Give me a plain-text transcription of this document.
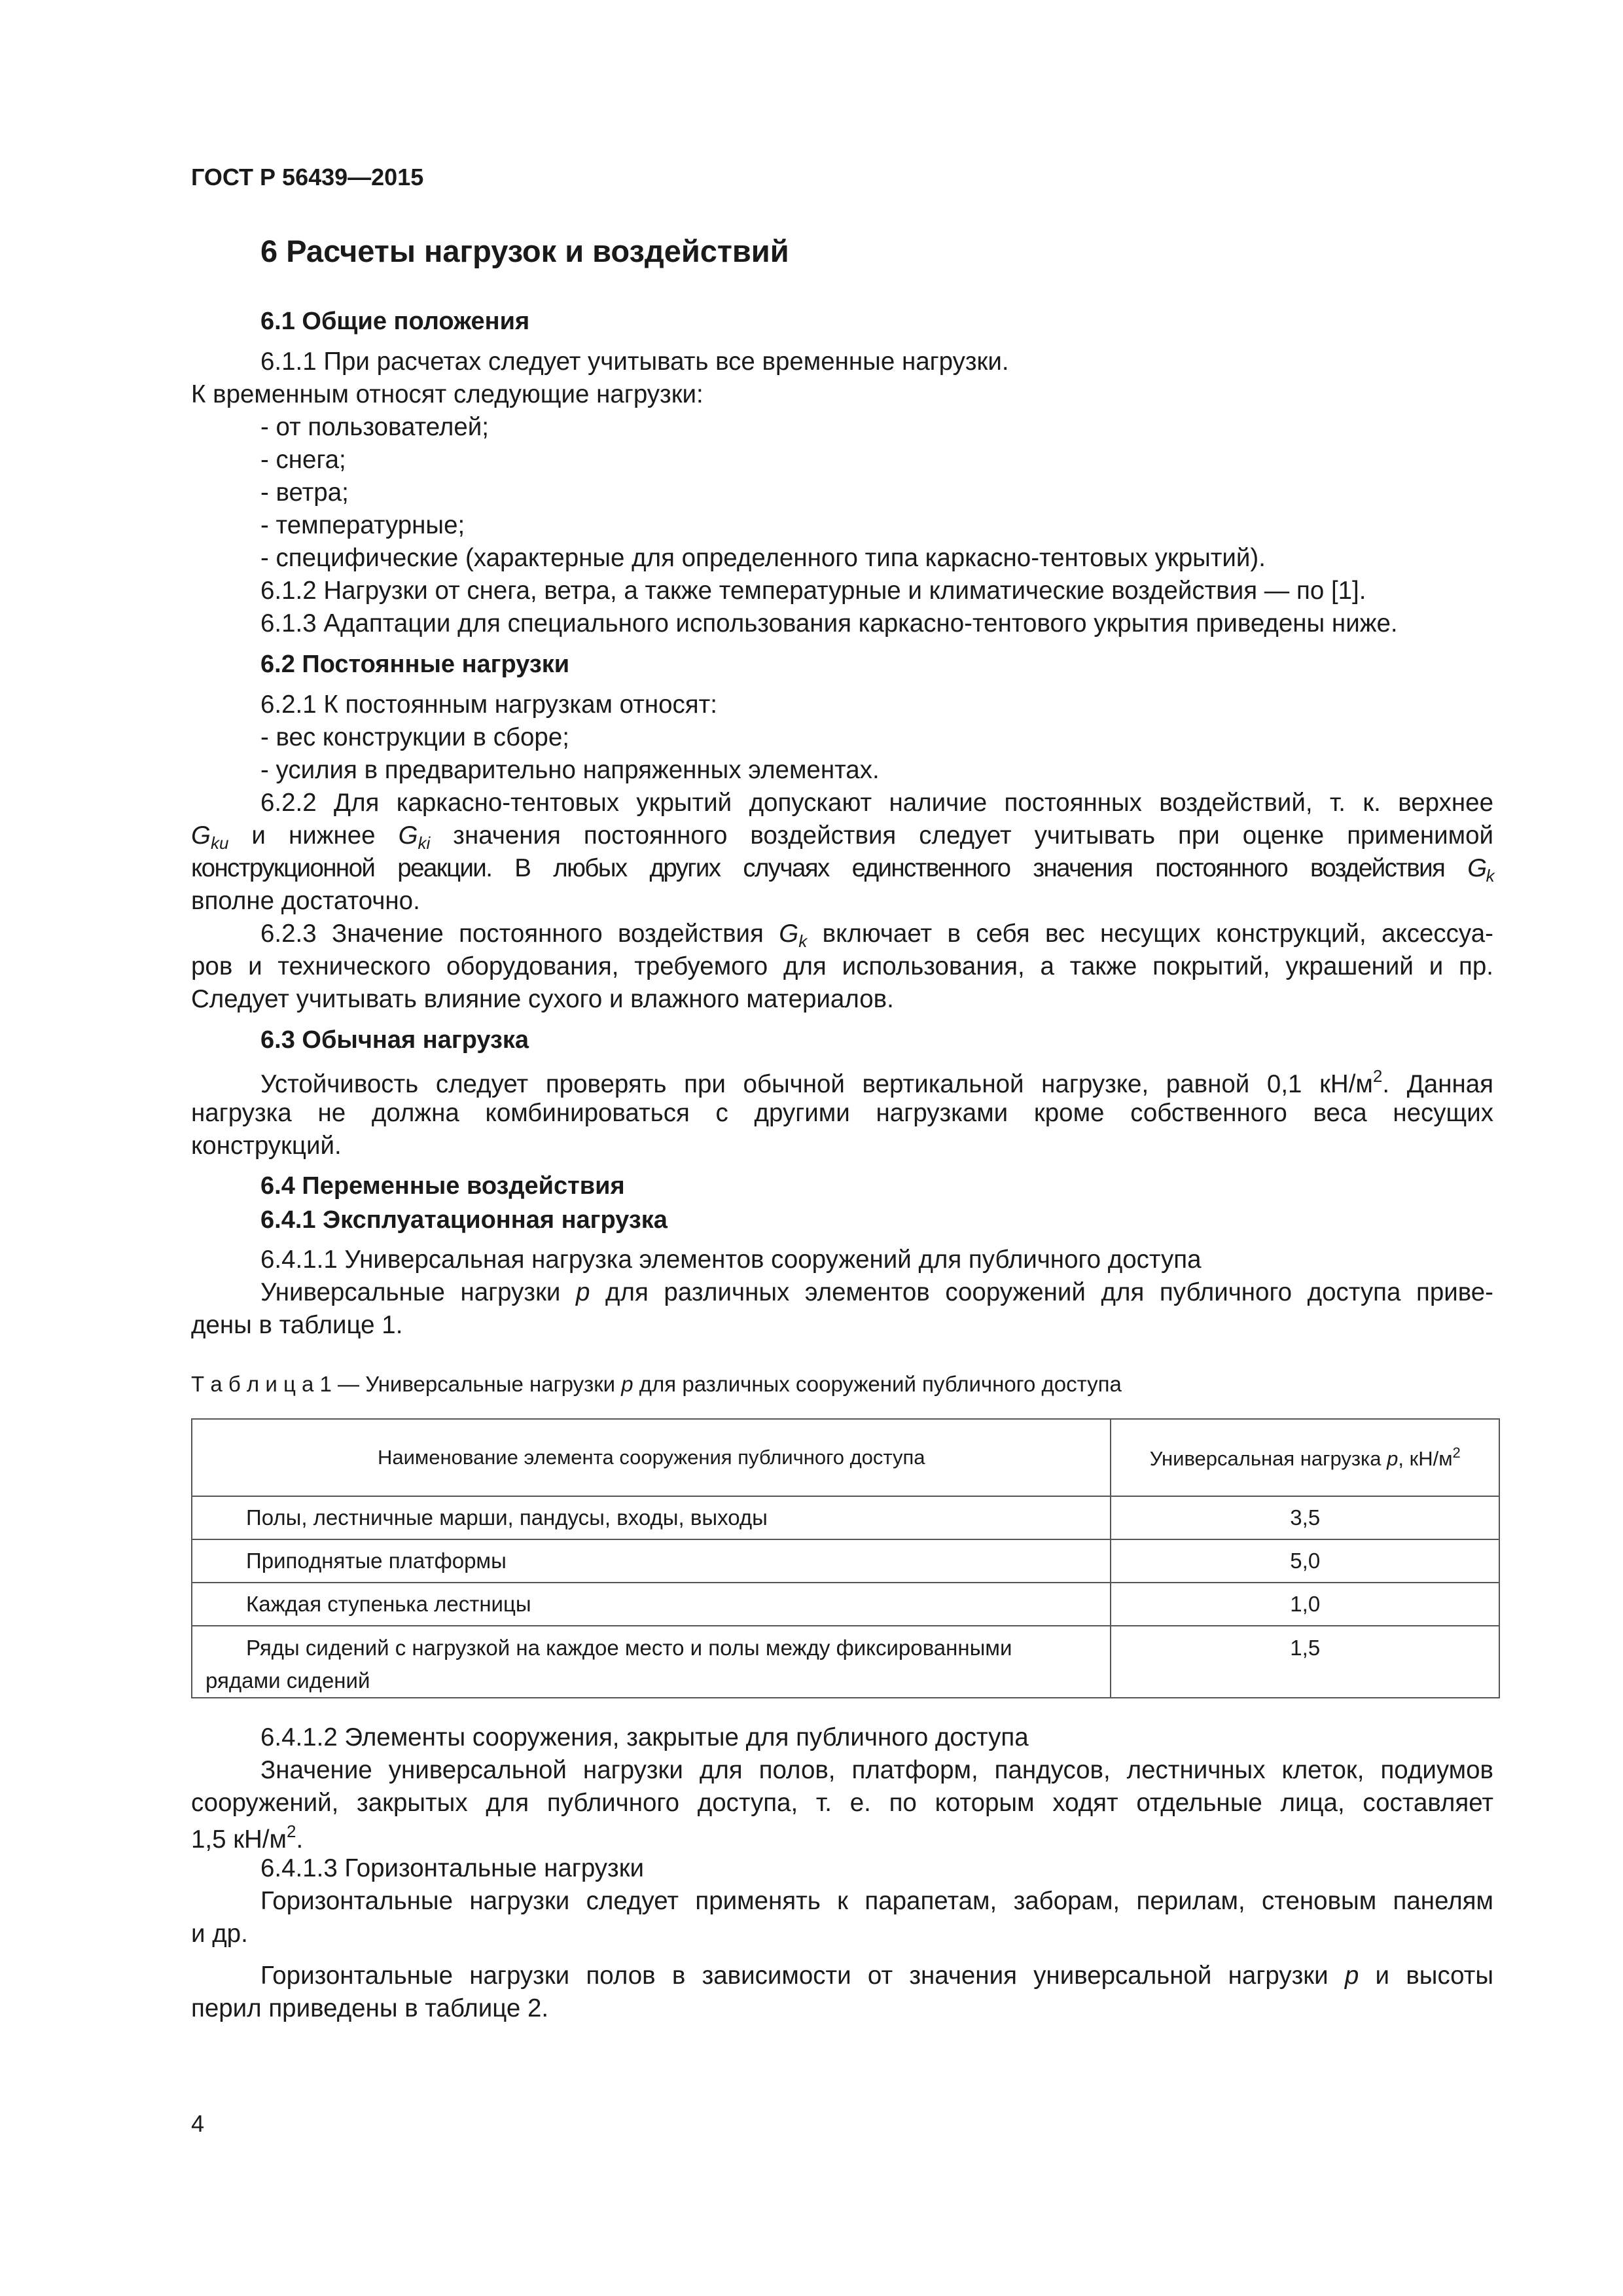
ГОСТ Р 56439—2015
6 Расчеты нагрузок и воздействий
6.1 Общие положения
6.1.1 При расчетах следует учитывать все временные нагрузки.
К временным относят следующие нагрузки:
- от пользователей;
- снега;
- ветра;
- температурные;
- специфические (характерные для определенного типа каркасно-тентовых укрытий).
6.1.2 Нагрузки от снега, ветра, а также температурные и климатические воздействия — по [1].
6.1.3 Адаптации для специального использования каркасно-тентового укрытия приведены ниже.
6.2 Постоянные нагрузки
6.2.1 К постоянным нагрузкам относят:
- вес конструкции в сборе;
- усилия в предварительно напряженных элементах.
6.2.2 Для каркасно-тентовых укрытий допускают наличие постоянных воздействий, т. к. верхнее
$G_{ku}$ и нижнее $G_{ki}$ значения постоянного воздействия следует учитывать при оценке применимой
конструкционной реакции. В любых других случаях единственного значения постоянного воздействия $G_k$
вполне достаточно.
6.2.3 Значение постоянного воздействия $G_k$ включает в себя вес несущих конструкций, аксессуа-
ров и технического оборудования, требуемого для использования, а также покрытий, украшений и пр.
Следует учитывать влияние сухого и влажного материалов.
6.3 Обычная нагрузка
Устойчивость следует проверять при обычной вертикальной нагрузке, равной 0,1 $кН/м^2$. Данная
нагрузка не должна комбинироваться с другими нагрузками кроме собственного веса несущих
конструкций.
6.4 Переменные воздействия
6.4.1 Эксплуатационная нагрузка
6.4.1.1 Универсальная нагрузка элементов сооружений для публичного доступа
Универсальные нагрузки p для различных элементов сооружений для публичного доступа приве-
дены в таблице 1.
Т а б л и ц а 1 — Универсальные нагрузки p для различных сооружений публичного доступа
Наименование элемента сооружения публичного доступа	Универсальная нагрузка p, $кН/м^2$
Полы, лестничные марши, пандусы, входы, выходы	3,5
Приподнятые платформы	5,0
Каждая ступенька лестницы	1,0

Ряды сидений с нагрузкой на каждое место и полы между фиксированными
рядами сидений	1,5
6.4.1.2 Элементы сооружения, закрытые для публичного доступа
Значение универсальной нагрузки для полов, платформ, пандусов, лестничных клеток, подиумов
сооружений, закрытых для публичного доступа, т. е. по которым ходят отдельные лица, составляет
1,5 $кН/м^2$.
6.4.1.3 Горизонтальные нагрузки
Горизонтальные нагрузки следует применять к парапетам, заборам, перилам, стеновым панелям
и др.
Горизонтальные нагрузки полов в зависимости от значения универсальной нагрузки p и высоты
перил приведены в таблице 2.
4
